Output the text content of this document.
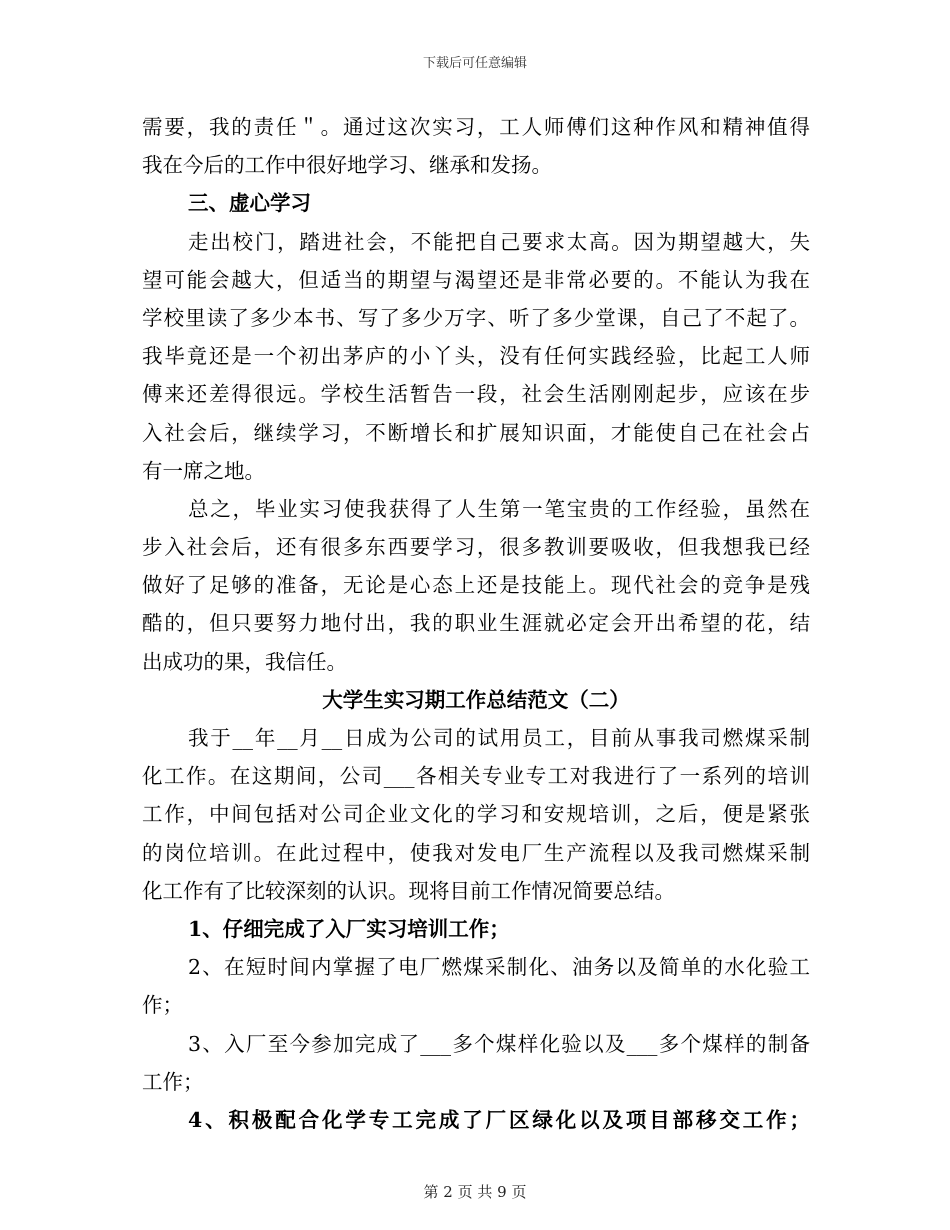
下载后可任意编辑
需要，我的责任＂。通过这次实习，工人师傅们这种作风和精神值得
我在今后的工作中很好地学习、继承和发扬。
三、虚心学习
走出校门，踏进社会，不能把自己要求太高。因为期望越大，失
望可能会越大，但适当的期望与渴望还是非常必要的。不能认为我在
学校里读了多少本书、写了多少万字、听了多少堂课，自己了不起了。
我毕竟还是一个初出茅庐的小丫头，没有任何实践经验，比起工人师
傅来还差得很远。学校生活暂告一段，社会生活刚刚起步，应该在步
入社会后，继续学习，不断增长和扩展知识面，才能使自己在社会占
有一席之地。
总之，毕业实习使我获得了人生第一笔宝贵的工作经验，虽然在
步入社会后，还有很多东西要学习，很多教训要吸收，但我想我已经
做好了足够的准备，无论是心态上还是技能上。现代社会的竞争是残
酷的，但只要努力地付出，我的职业生涯就必定会开出希望的花，结
出成功的果，我信任。
大学生实习期工作总结范文（二）
我于__年__月__日成为公司的试用员工，目前从事我司燃煤采制
化工作。在这期间，公司___各相关专业专工对我进行了一系列的培训
工作，中间包括对公司企业文化的学习和安规培训，之后，便是紧张
的岗位培训。在此过程中，使我对发电厂生产流程以及我司燃煤采制
化工作有了比较深刻的认识。现将目前工作情况简要总结。
1、仔细完成了入厂实习培训工作；
2、在短时间内掌握了电厂燃煤采制化、油务以及简单的水化验工
作；
3、入厂至今参加完成了___多个煤样化验以及___多个煤样的制备
工作；
4、积极配合化学专工完成了厂区绿化以及项目部移交工作；
第 2 页 共 9 页
